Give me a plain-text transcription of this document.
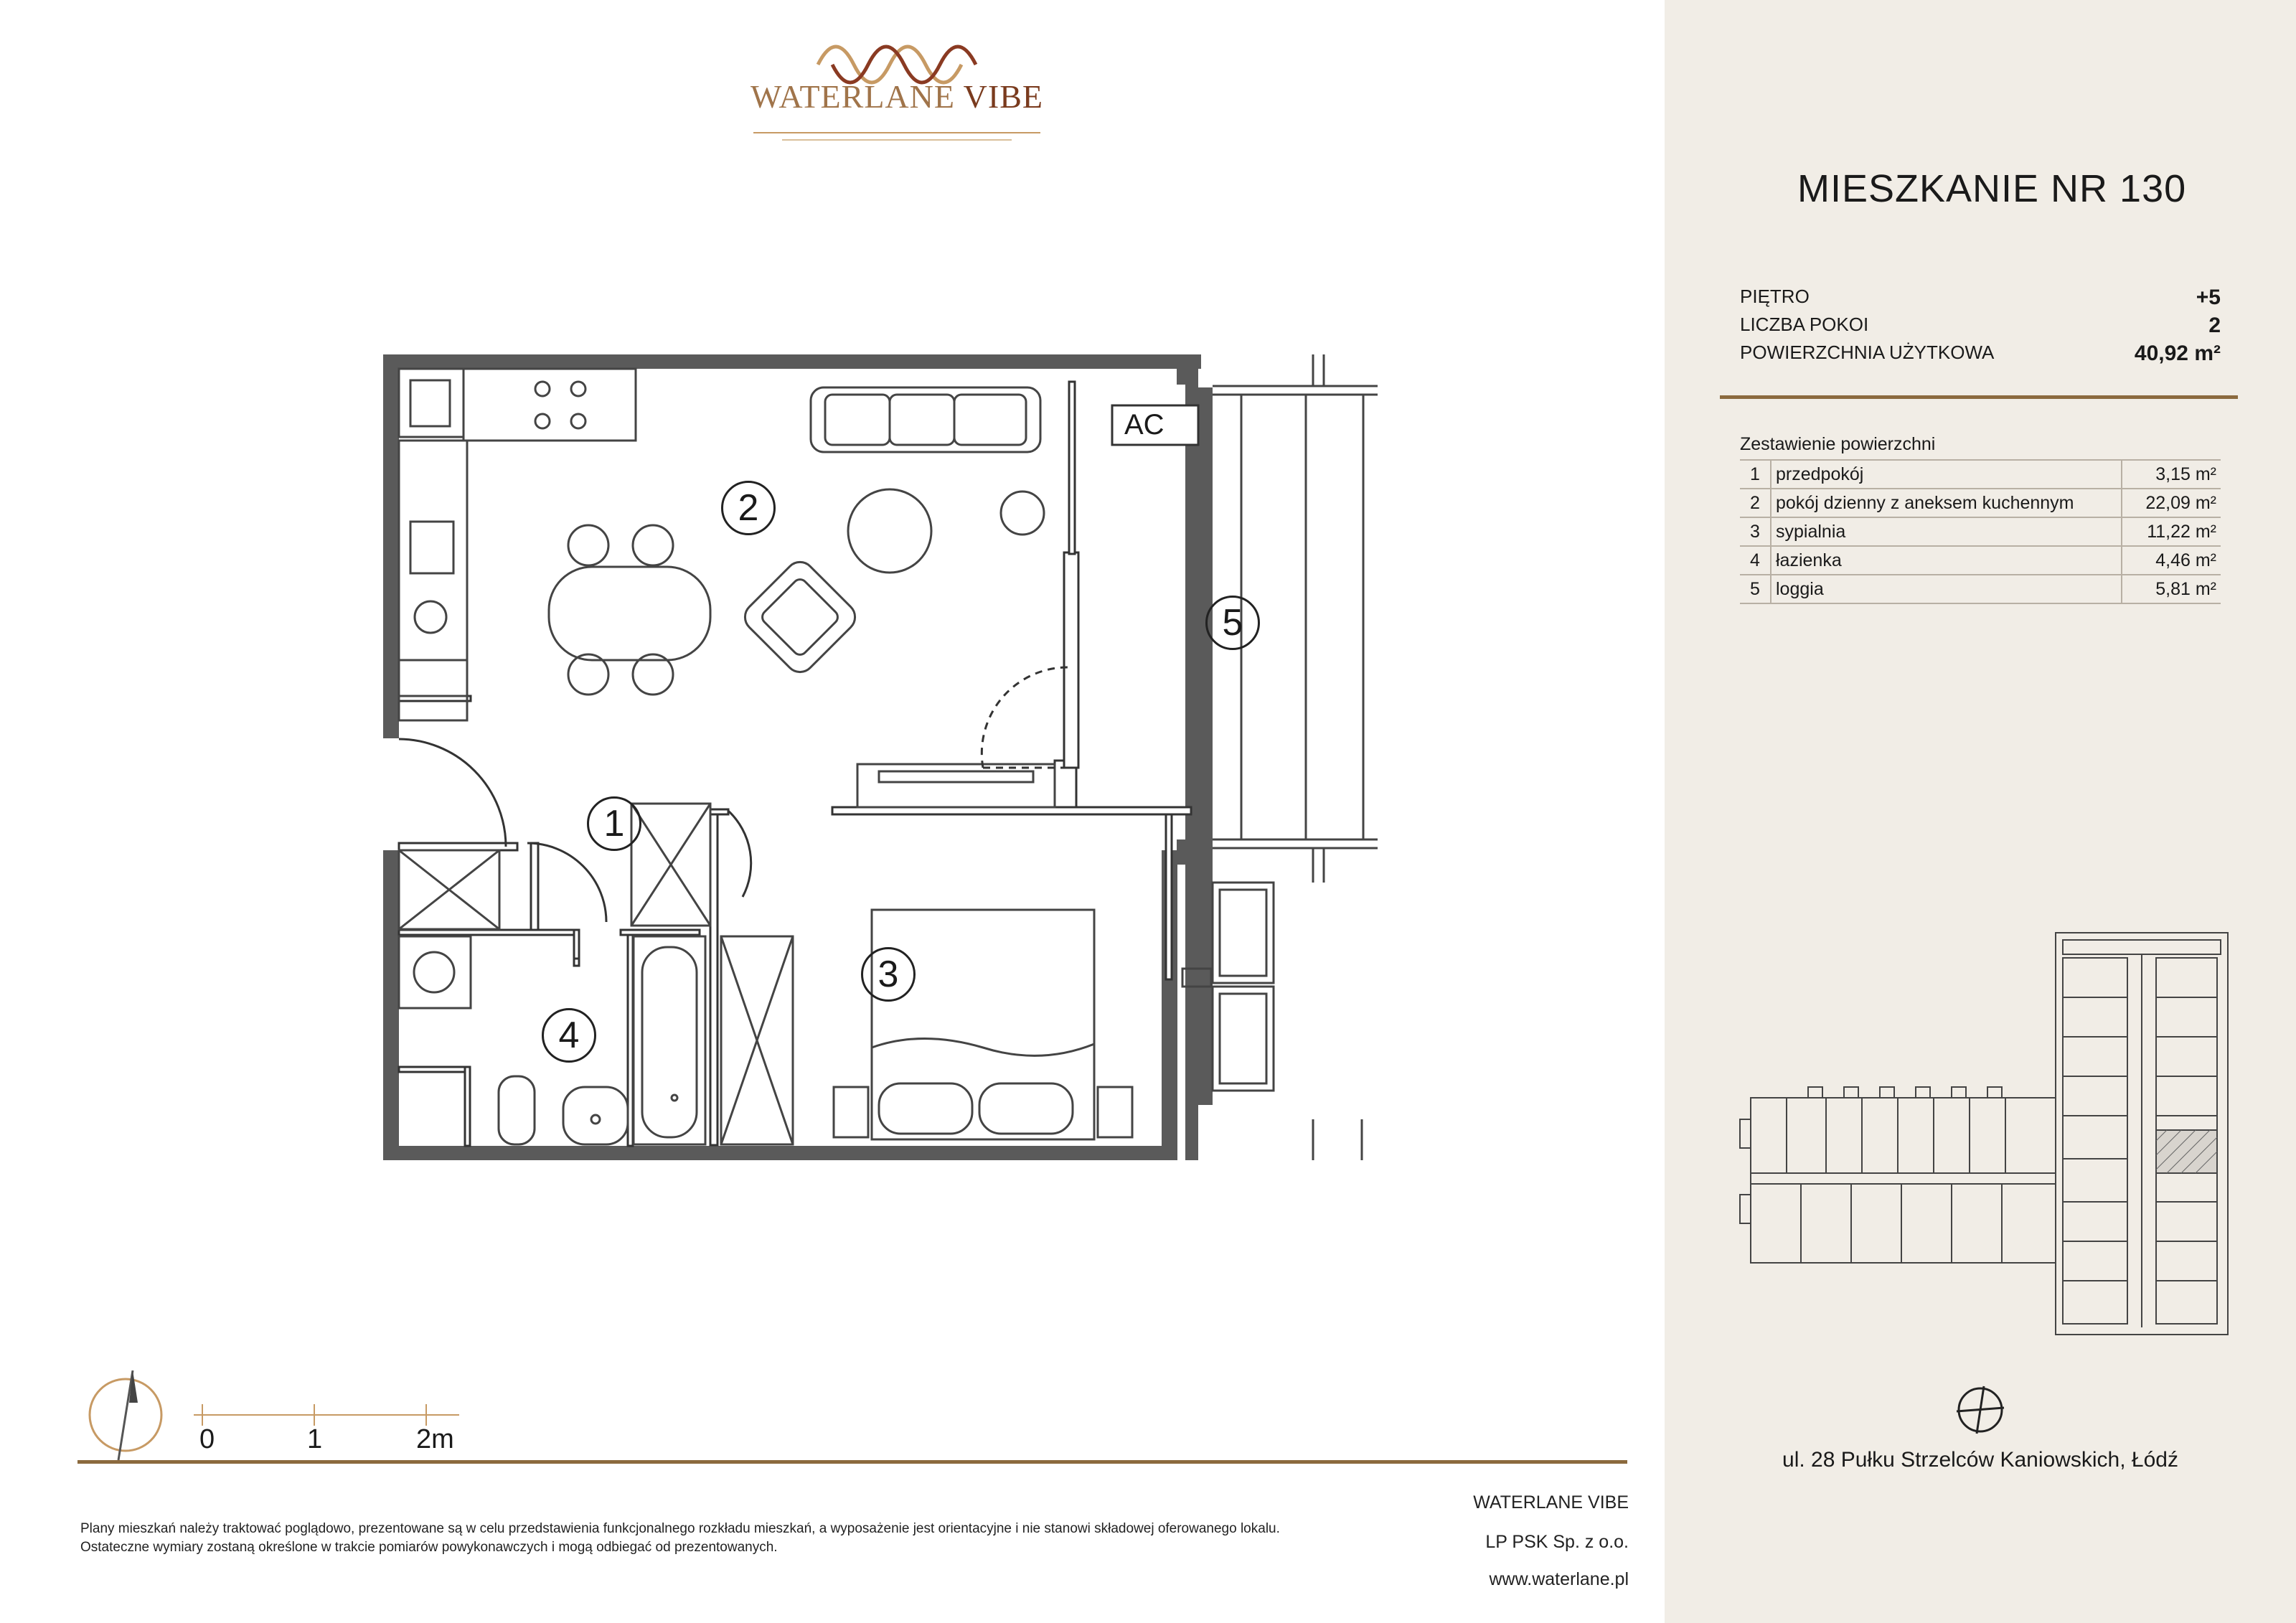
WATERLANE VIBE
2
5
1
3
4
AC
0	1	2m

Plany mieszkań należy traktować poglądowo, prezentowane są w celu przedstawienia funkcjonalnego rozkładu mieszkań, a wyposażenie jest orientacyjne i nie stanowi składowej oferowanego lokalu.

Ostateczne wymiary zostaną określone w trakcie pomiarów powykonawczych i mogą odbiegać od prezentowanych.

WATERLANE VIBE
LP PSK Sp. z o.o.
www.waterlane.pl
MIESZKANIE NR 130
PIĘTRO	+5
LICZBA POKOI	2
POWIERZCHNIA UŻYTKOWA	40,92 m²
Zestawienie powierzchni
1	przedpokój	3,15 m²
2	pokój dzienny z aneksem kuchennym	22,09 m²
3	sypialnia	11,22 m²
4	łazienka	4,46 m²
5	loggia	5,81 m²
ul. 28 Pułku Strzelców Kaniowskich, Łódź
